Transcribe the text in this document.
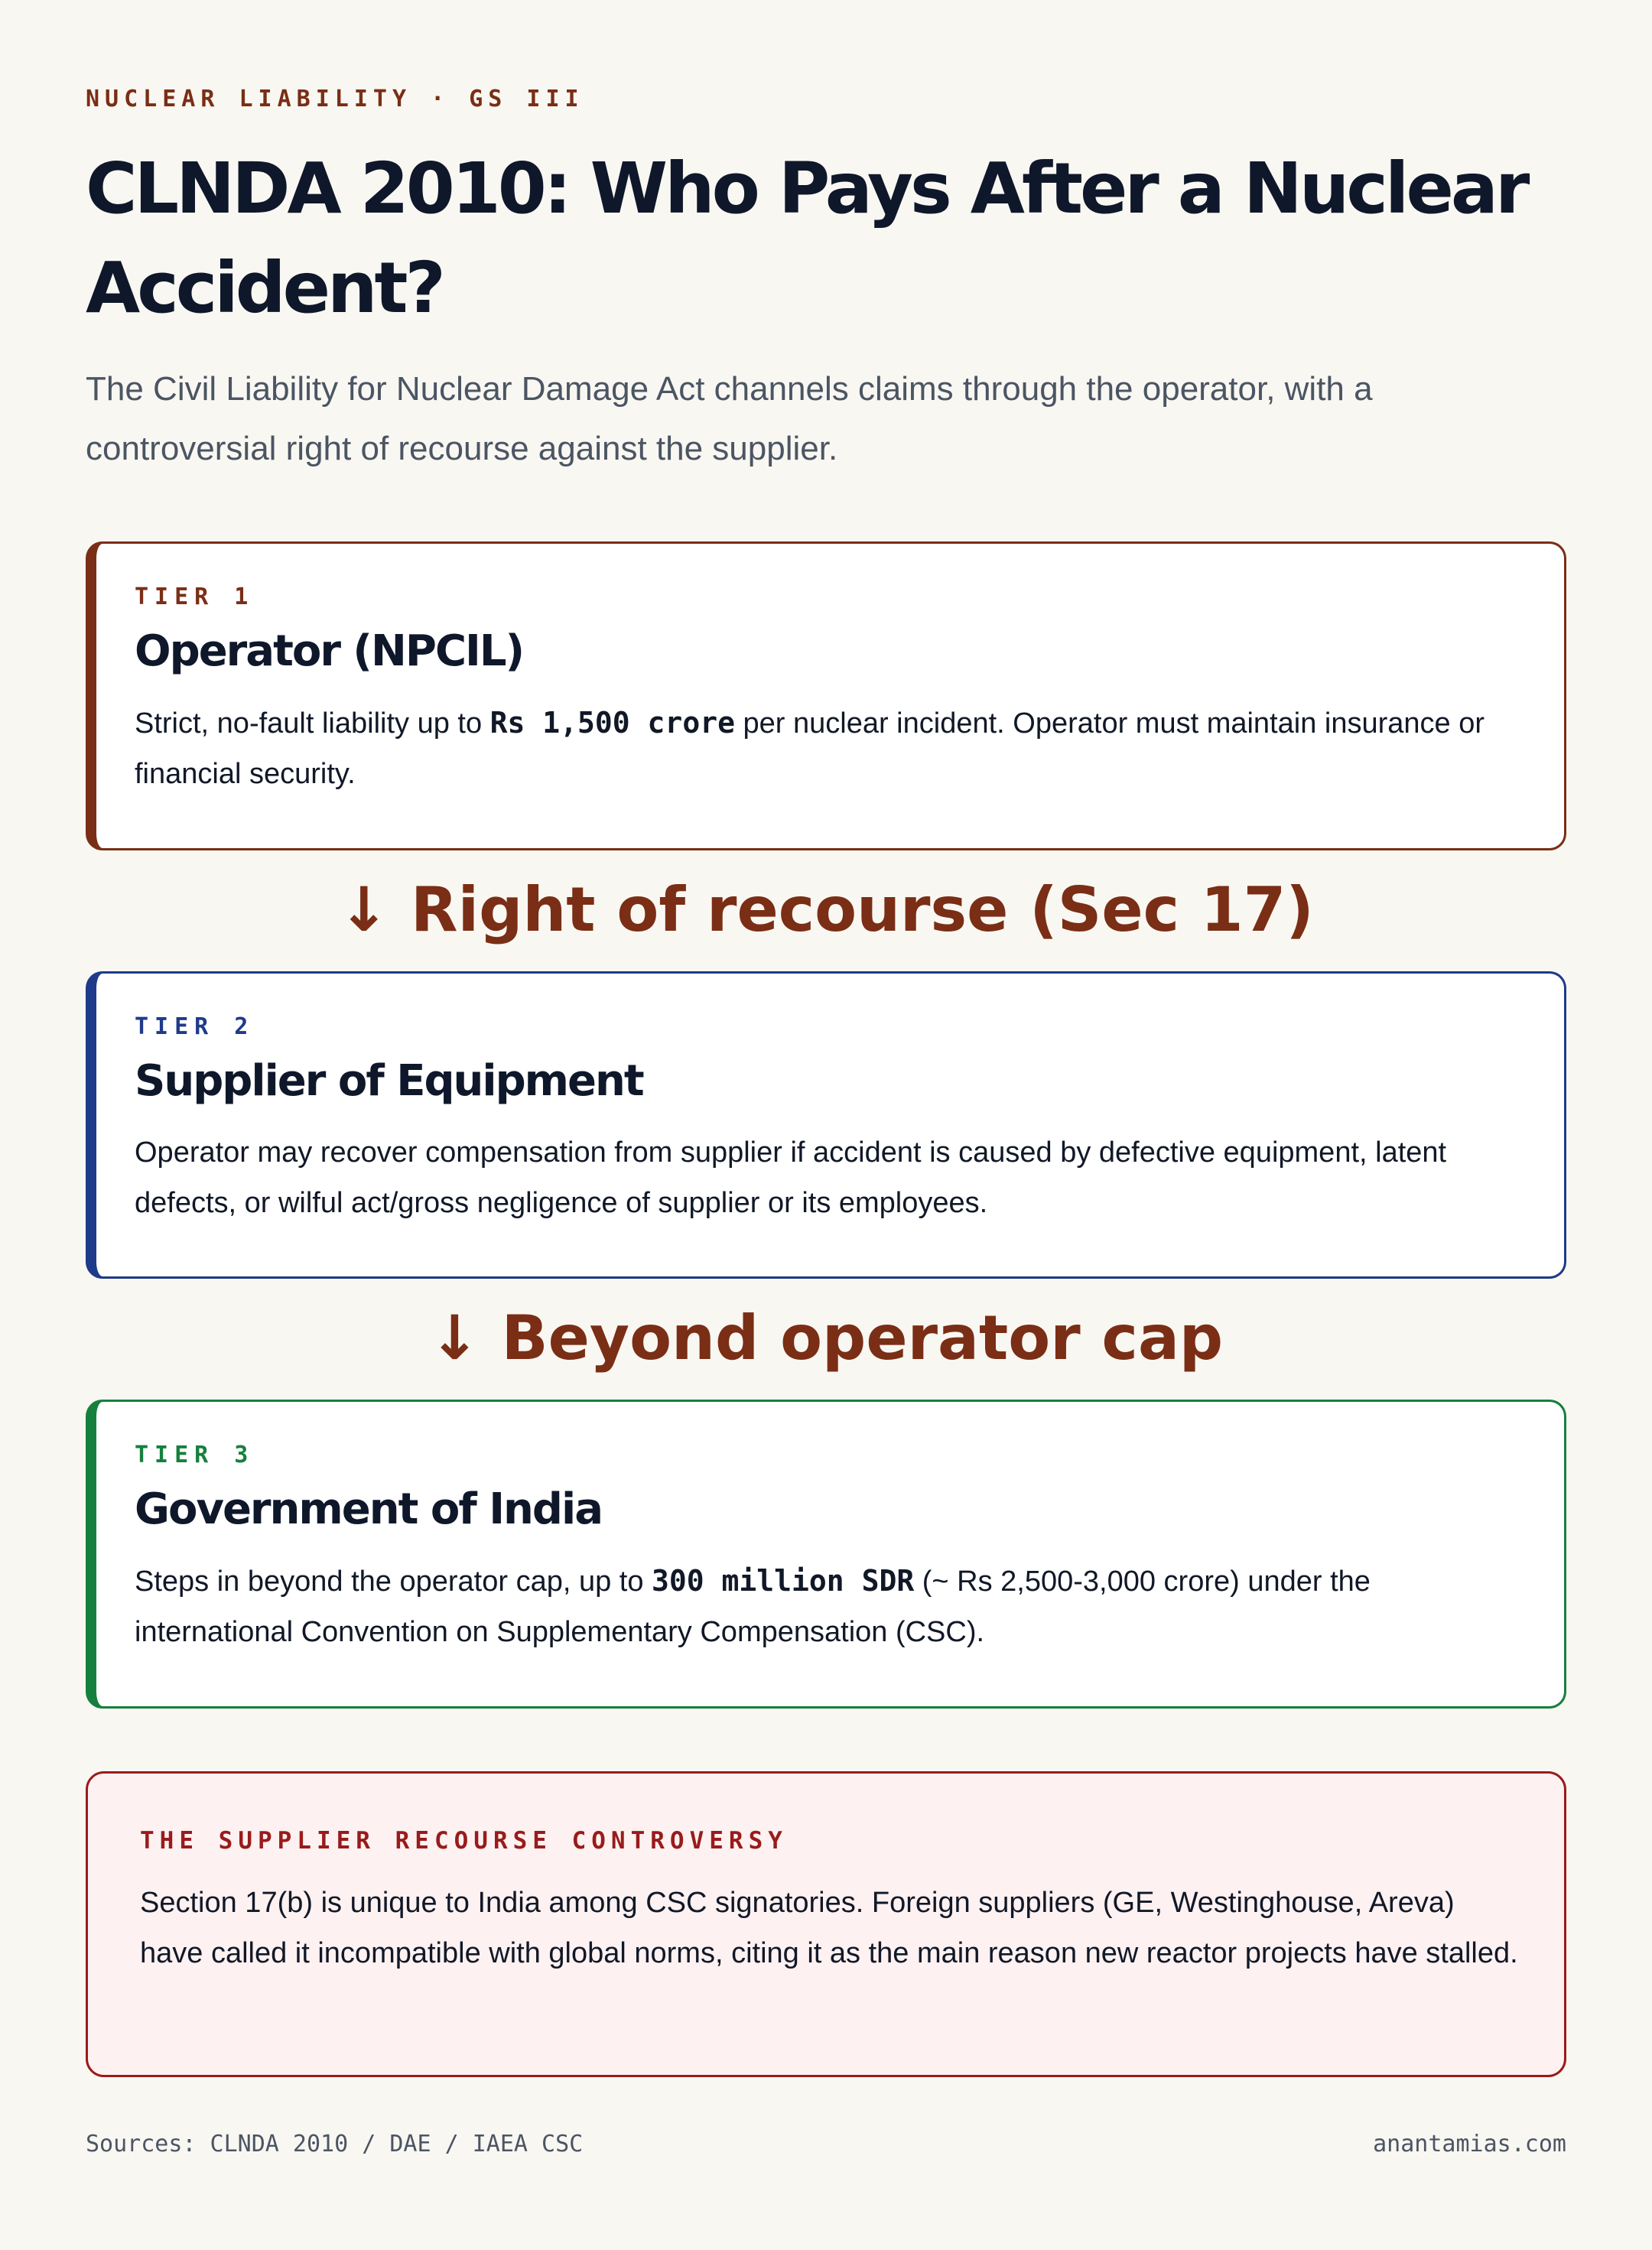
NUCLEAR LIABILITY · GS III
CLNDA 2010: Who Pays After a Nuclear Accident?

The Civil Liability for Nuclear Damage Act channels claims through the operator, with a controversial right of recourse against the supplier.

TIER 1
Operator (NPCIL)
Strict, no-fault liability up to Rs 1,500 crore per nuclear incident. Operator must maintain insurance or financial security.
↓ Right of recourse (Sec 17)
TIER 2
Supplier of Equipment
Operator may recover compensation from supplier if accident is caused by defective equipment, latent defects, or wilful act/gross negligence of supplier or its employees.
↓ Beyond operator cap
TIER 3
Government of India
Steps in beyond the operator cap, up to 300 million SDR (~ Rs 2,500-3,000 crore) under the international Convention on Supplementary Compensation (CSC).
THE SUPPLIER RECOURSE CONTROVERSY
Section 17(b) is unique to India among CSC signatories. Foreign suppliers (GE, Westinghouse, Areva) have called it incompatible with global norms, citing it as the main reason new reactor projects have stalled.
Sources: CLNDA 2010 / DAE / IAEA CSC	anantamias.com
